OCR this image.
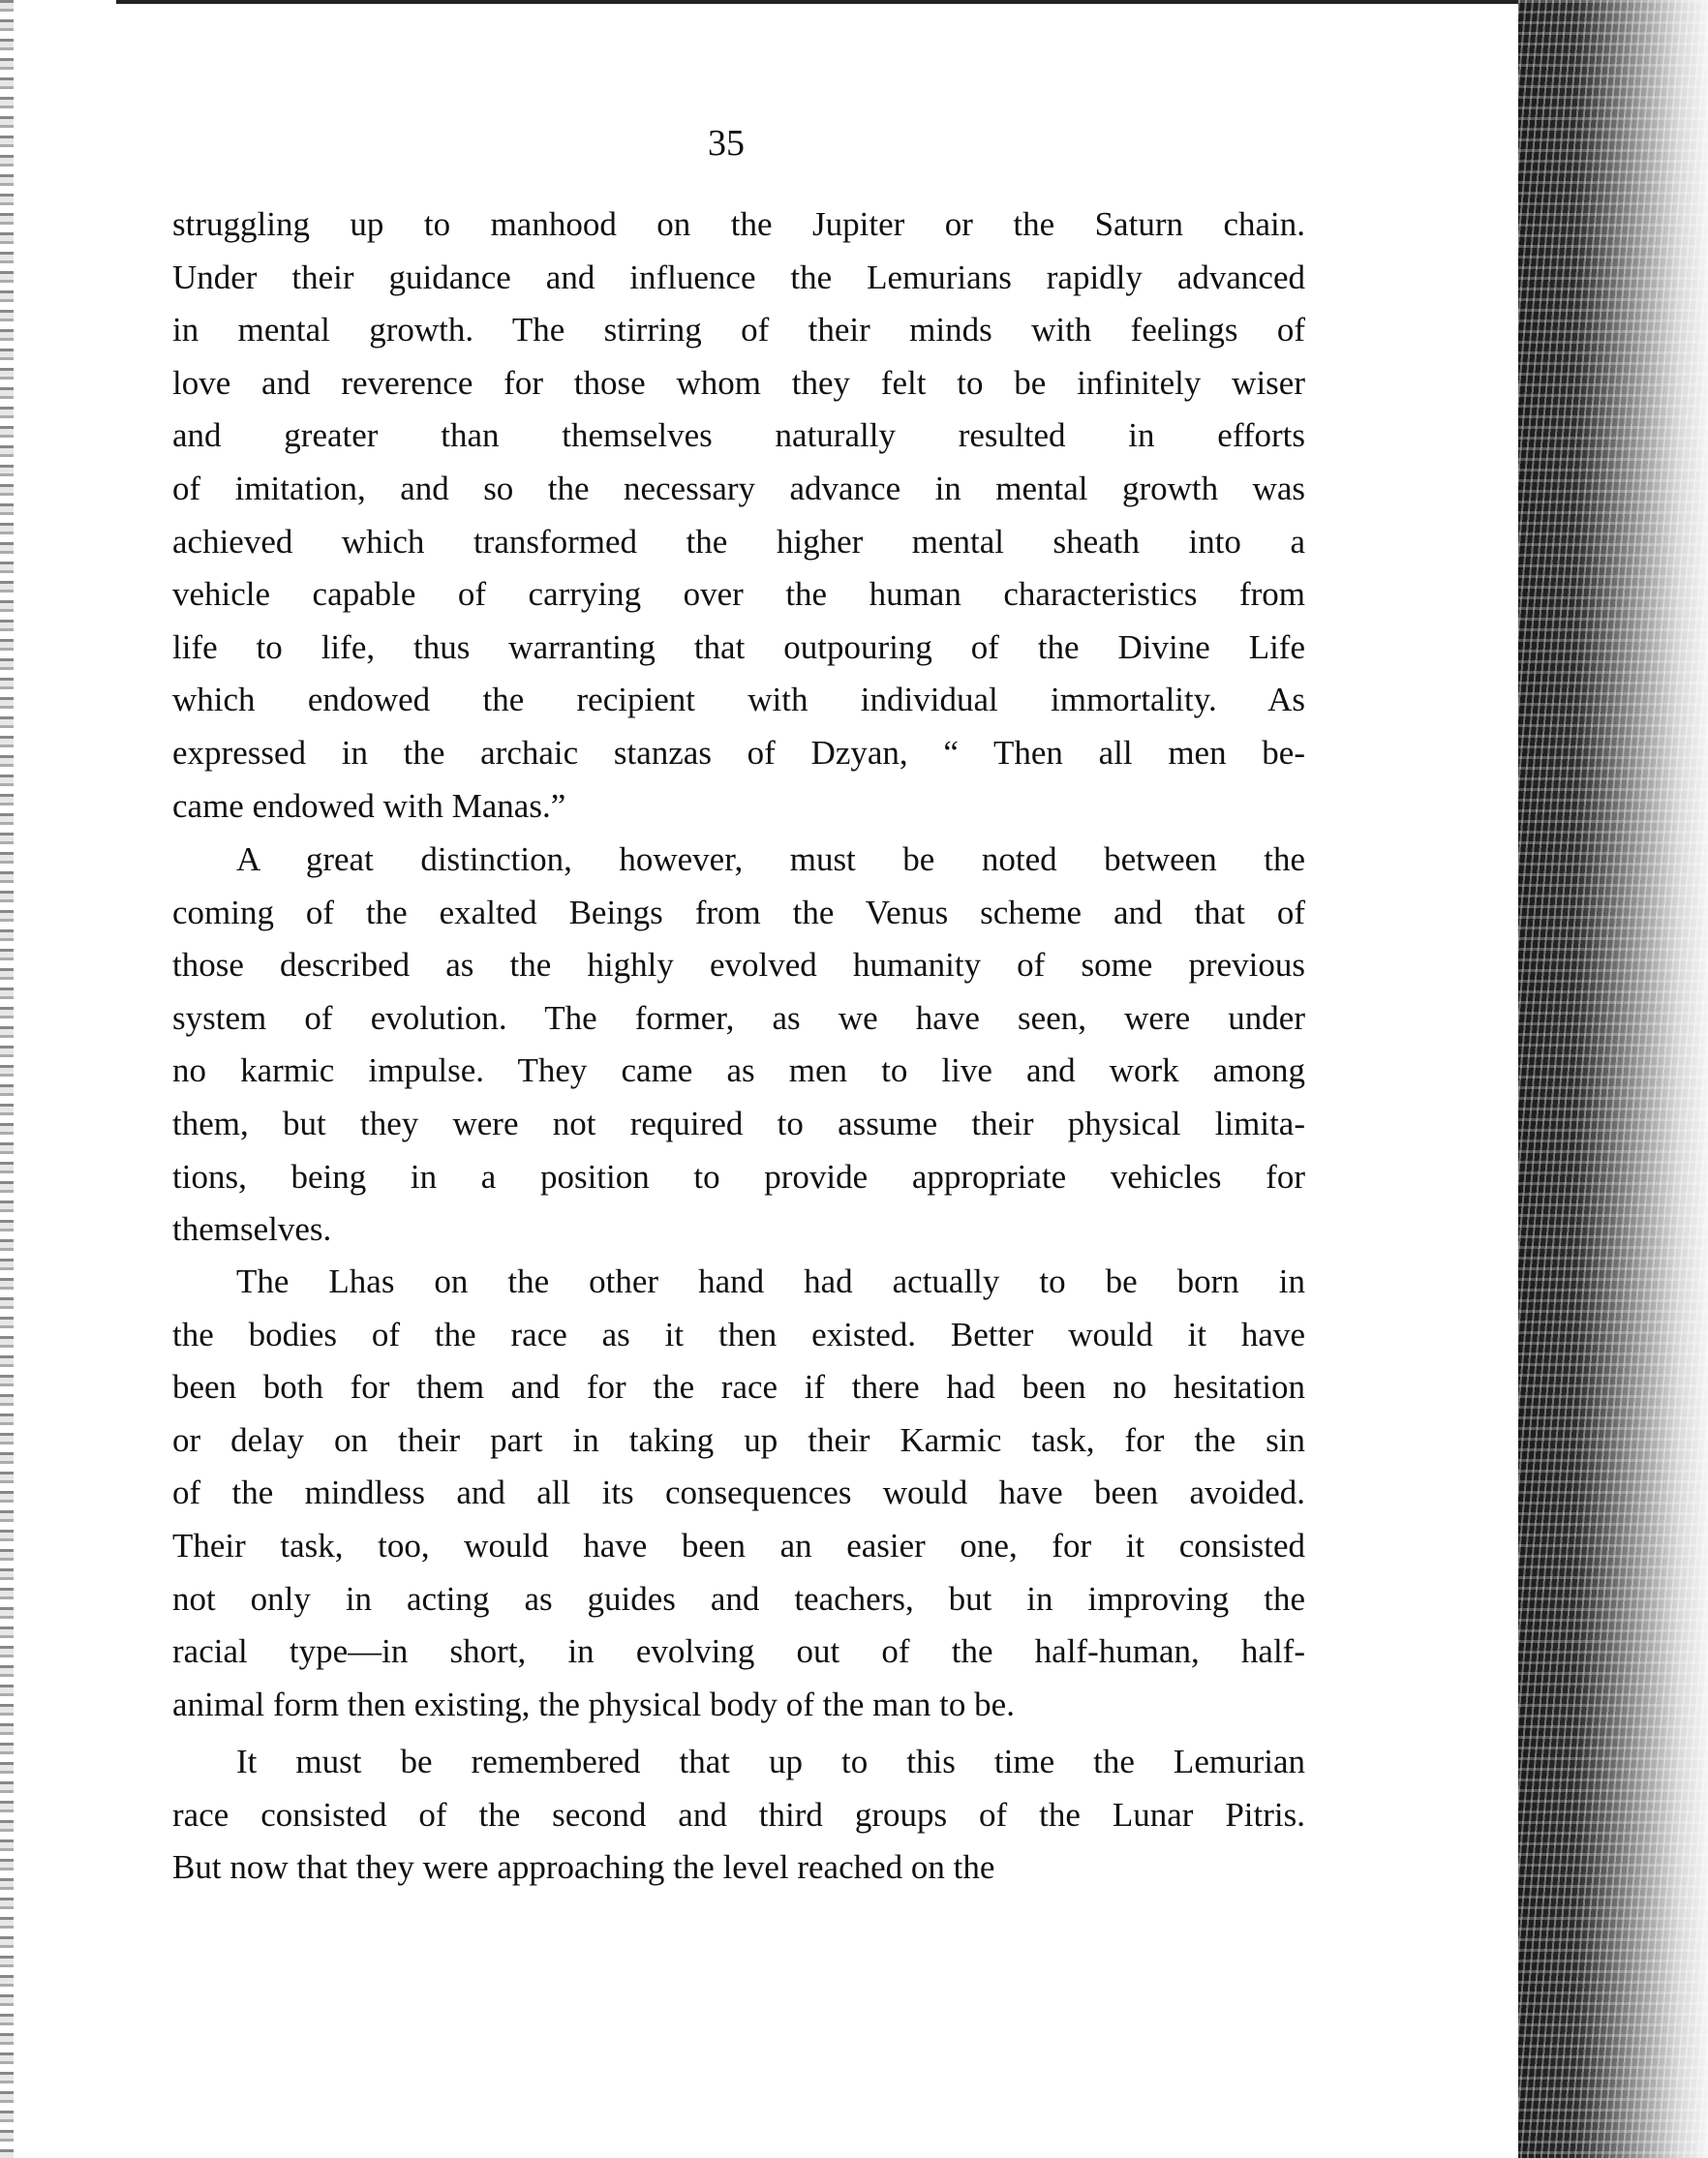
35
struggling up to manhood on the Jupiter or the Saturn chain.
Under their guidance and influence the Lemurians rapidly advanced
in mental growth. The stirring of their minds with feelings of
love and reverence for those whom they felt to be infinitely wiser
and greater than themselves naturally resulted in efforts
of imitation, and so the necessary advance in mental growth was
achieved which transformed the higher mental sheath into a
vehicle capable of carrying over the human characteristics from
life to life, thus warranting that outpouring of the Divine Life
which endowed the recipient with individual immortality. As
expressed in the archaic stanzas of Dzyan, “ Then all men be-
came endowed with Manas.”
A great distinction, however, must be noted between the
coming of the exalted Beings from the Venus scheme and that of
those described as the highly evolved humanity of some previous
system of evolution. The former, as we have seen, were under
no karmic impulse. They came as men to live and work among
them, but they were not required to assume their physical limita-
tions, being in a position to provide appropriate vehicles for
themselves.
The Lhas on the other hand had actually to be born in
the bodies of the race as it then existed. Better would it have
been both for them and for the race if there had been no hesitation
or delay on their part in taking up their Karmic task, for the sin
of the mindless and all its consequences would have been avoided.
Their task, too, would have been an easier one, for it consisted
not only in acting as guides and teachers, but in improving the
racial type—in short, in evolving out of the half-human, half-
animal form then existing, the physical body of the man to be.
It must be remembered that up to this time the Lemurian
race consisted of the second and third groups of the Lunar Pitris.
But now that they were approaching the level reached on the
